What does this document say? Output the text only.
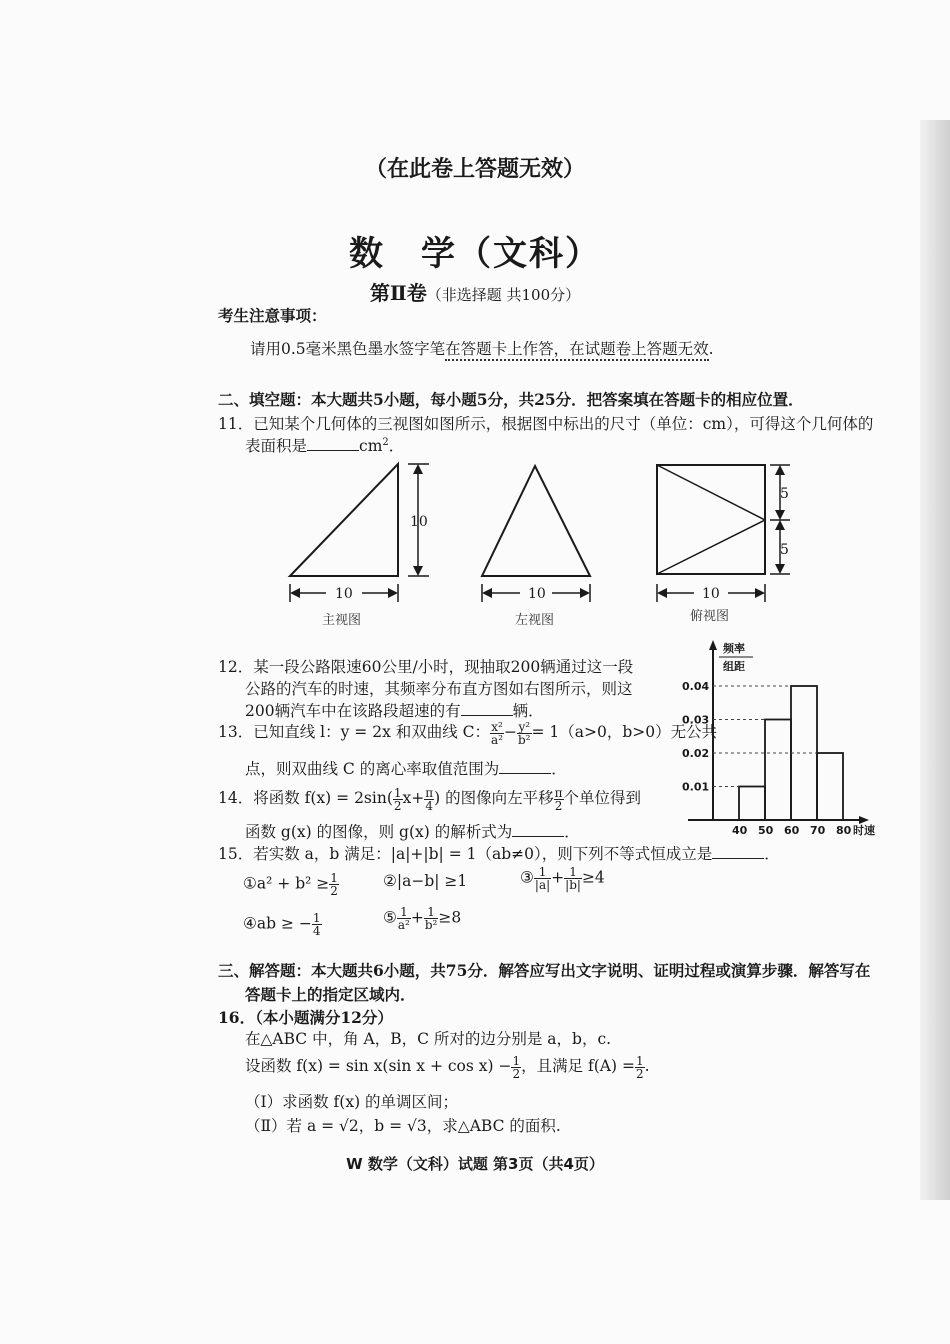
（在此卷上答题无效）
数　学（文科）
第Ⅱ卷（非选择题 共100分）
考生注意事项：
请用0.5毫米黑色墨水签字笔在答题卡上作答，在试题卷上答题无效.
二、填空题：本大题共5小题，每小题5分，共25分．把答案填在答题卡的相应位置．
11．已知某个几何体的三视图如图所示，根据图中标出的尺寸（单位：cm），可得这个几何体的
表面积是	$cm^2$．
10
10
主视图
10
左视图
5
5
10
俯视图
12．某一段公路限速60公里/小时，现抽取200辆通过这一段
公路的汽车的时速，其频率分布直方图如右图所示，则这
200辆汽车中在该路段超速的有	辆．
频率
组距
0.01
0.02
0.03
0.04
40 50 60 70 80 时速
13．已知直线 l：y = 2x 和双曲线 C： $\frac{\text{x²}}{\text{a²}} - \frac{\text{y²}}{\text{b²}} = 1(a>0$，b>0）无公共
点，则双曲线 C 的离心率取值范围为	．
14．将函数 $f(x) = 2\sin( \frac{1}{2} x+ \frac{\pi}{4}$ ) 的图像向左平移 $\frac{\pi}{2}$ 个单位得到
函数 g(x) 的图像，则 g(x) 的解析式为	．
15．若实数 a，b 满足：|a|+|b| = 1（ab≠0），则下列不等式恒成立是	．
①a² + $b^2 \ge \frac{1}{2}$	②|a−b| ≥1	③ $\frac{1}{|a|} + \frac{1}{|b|} \ge 4$
④ab ≥ − $\frac{1}{4}$	⑤ $\frac{1}{\text{a²}} + \frac{1}{\text{b²}} \ge 8$
三、解答题：本大题共6小题，共75分．解答应写出文字说明、证明过程或演算步骤．解答写在
答题卡上的指定区域内．
16．（本小题满分12分）
在△ABC 中，角 A，B，C 所对的边分别是 a，b，c.
设函数 f(x) = sin x(sin $x + \cos x) - \frac{1}{2}$ ，且满足 $f(A) = \frac{1}{2}$ .
（Ⅰ）求函数 f(x) 的单调区间；
（Ⅱ）若 a = √2，b = √3，求△ABC 的面积.
W 数学（文科）试题 第3页（共4页）
